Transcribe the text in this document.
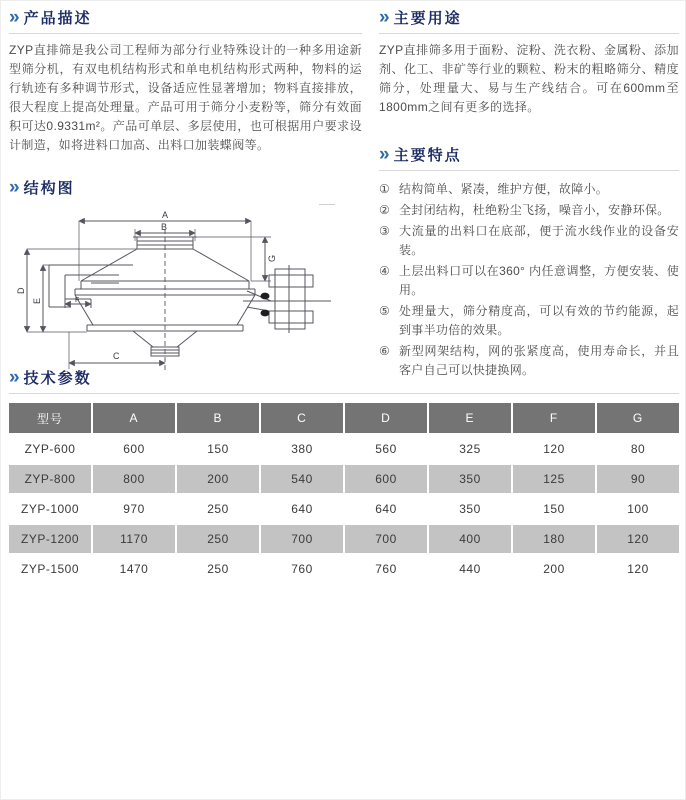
» 产品描述
ZYP直排筛是我公司工程师为部分行业特殊设计的一种多用途新型筛分机，有双电机结构形式和单电机结构形式两种，物料的运行轨迹有多种调节形式，设备适应性显著增加；物料直接排放，很大程度上提高处理量。产品可用于筛分小麦粉等，筛分有效面积可达0.9331m²。产品可单层、多层使用，也可根据用户要求设计制造，如将进料口加高、出料口加装蝶阀等。
» 主要用途
ZYP直排筛多用于面粉、淀粉、洗衣粉、金属粉、添加剂、化工、非矿等行业的颗粒、粉末的粗略筛分、精度筛分，处理量大、易与生产线结合。可在600mm至1800mm之间有更多的选择。
» 主要特点
① 结构简单、紧凑，维护方便，故障小。
② 全封闭结构，杜绝粉尘飞扬，噪音小，安静环保。
③ 大流量的出料口在底部，便于流水线作业的设备安装。
④ 上层出料口可以在360° 内任意调整，方便安装、使用。
⑤ 处理量大，筛分精度高，可以有效的节约能源，起到事半功倍的效果。
⑥ 新型网架结构，网的张紧度高，使用寿命长，并且客户自己可以快捷换网。
» 结构图
A
B
C
D
E	F
G
» 技术参数
型号	A	B	C	D	E	F	G
ZYP-600	600	150	380	560	325	120	80
ZYP-800	800	200	540	600	350	125	90
ZYP-1000	970	250	640	640	350	150	100
ZYP-1200	1170	250	700	700	400	180	120
ZYP-1500	1470	250	760	760	440	200	120
